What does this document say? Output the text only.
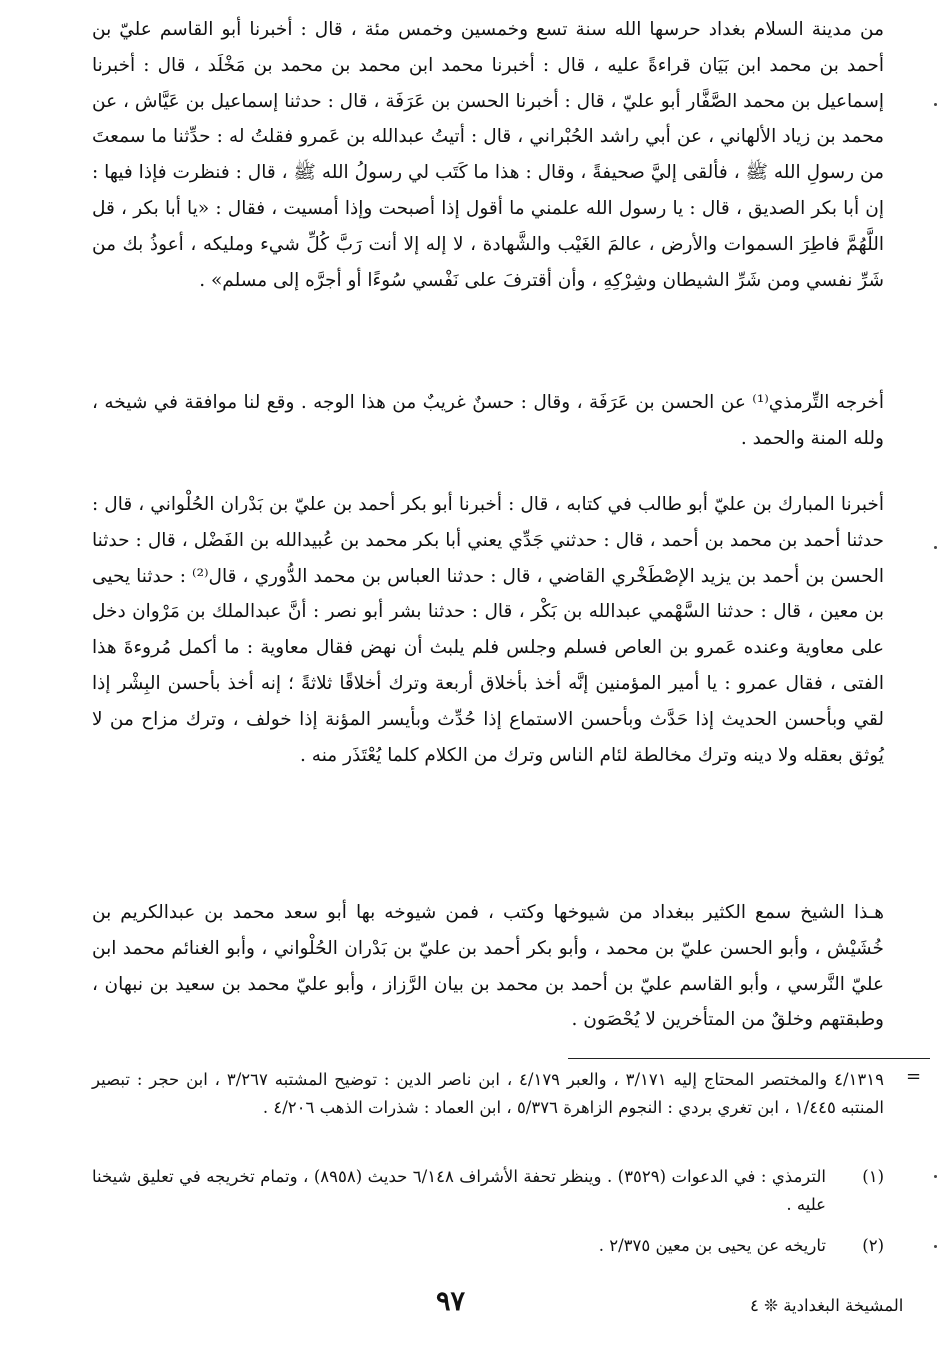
من مدينة السلام بغداد حرسها الله سنة تسع وخمسين وخمس مئة ، قال : أخبرنا أبو القاسم عليّ بن أحمد بن محمد ابن بَيَان قراءةً عليه ، قال : أخبرنا محمد ابن محمد بن محمد بن مَخْلَد ، قال : أخبرنا إسماعيل بن محمد الصَّفَّار أبو عليّ ، قال : أخبرنا الحسن بن عَرَفَة ، قال : حدثنا إسماعيل بن عَيَّاش ، عن محمد بن زياد الألهاني ، عن أبي راشد الحُبْراني ، قال : أتيتُ عبدالله بن عَمرو فقلتُ له : حدِّثنا ما سمعتَ من رسولِ الله ﷺ ، فألقى إليَّ صحيفةً ، وقال : هذا ما كَتَب لي رسولُ الله ﷺ ، قال : فنظرت فإذا فيها : إن أبا بكر الصديق ، قال : يا رسول الله علمني ما أقول إذا أصبحت وإذا أمسيت ، فقال : «يا أبا بكر ، قل اللَّهُمَّ فاطِرَ السموات والأرض ، عالمَ الغَيْب والشَّهادة ، لا إله إلا أنت رَبَّ كُلِّ شيء ومليكه ، أعوذُ بك من شَرِّ نفسي ومن شَرِّ الشيطان وشِرْكِهِ ، وأن أقترفَ على نَفْسي سُوءًا أو أجرَّه إلى مسلم» .

أخرجه التِّرمذي⁽¹⁾ عن الحسن بن عَرَفَة ، وقال : حسنٌ غريبٌ من هذا الوجه . وقع لنا موافقة في شيخه ، ولله المنة والحمد .

أخبرنا المبارك بن عليّ أبو طالب في كتابه ، قال : أخبرنا أبو بكر أحمد بن عليّ بن بَدْران الحُلْواني ، قال : حدثنا أحمد بن محمد بن أحمد ، قال : حدثني جَدِّي يعني أبا بكر محمد بن عُبيدالله بن الفَضْل ، قال : حدثنا الحسن بن أحمد بن يزيد الإصْطَخْري القاضي ، قال : حدثنا العباس بن محمد الدُّوري ، قال⁽²⁾ : حدثنا يحيى بن معين ، قال : حدثنا السَّهْمي عبدالله بن بَكْر ، قال : حدثنا بشر أبو نصر : أنَّ عبدالملك بن مَرْوان دخل على معاوية وعنده عَمرو بن العاص فسلم وجلس فلم يلبث أن نهض فقال معاوية : ما أكمل مُروءةَ هذا الفتى ، فقال عمرو : يا أمير المؤمنين إنَّه أخذ بأخلاق أربعة وترك أخلاقًا ثلاثةً ؛ إنه أخذ بأحسن البِشْر إذا لقي وبأحسن الحديث إذا حَدَّث وبأحسن الاستماع إذا حُدِّث وبأيسر المؤنة إذا خولف ، وترك مزاح من لا يُوثق بعقله ولا دينه وترك مخالطة لئام الناس وترك من الكلام كلما يُعْتَذَر منه .

هـذا الشيخ سمع الكثير ببغداد من شيوخها وكتب ، فمن شيوخه بها أبو سعد محمد بن عبدالكريم بن خُشَيْش ، وأبو الحسن عليّ بن محمد ، وأبو بكر أحمد بن عليّ بن بَدْران الحُلْواني ، وأبو الغنائم محمد ابن عليّ النَّرسي ، وأبو القاسم عليّ بن أحمد بن محمد بن بيان الرَّزاز ، وأبو عليّ محمد بن سعيد بن نبهان ، وطبقتهم وخلقٌ من المتأخرين لا يُحْصَون .

=
٤/١٣١٩ والمختصر المحتاج إليه ٣/١٧١ ، والعبر ٤/١٧٩ ، ابن ناصر الدين : توضيح المشتبه ٣/٢٦٧ ، ابن حجر : تبصير المنتبه ١/٤٤٥ ، ابن تغري بردي : النجوم الزاهرة ٥/٣٧٦ ، ابن العماد : شذرات الذهب ٤/٢٠٦ .
(١)
الترمذي : في الدعوات (٣٥٢٩) . وينظر تحفة الأشراف ٦/١٤٨ حديث (٨٩٥٨) ، وتمام تخريجه في تعليق شيخنا عليه .
(٢)
تاريخه عن يحيى بن معين ٢/٣٧٥ .
٩٧	المشيخة البغدادية ❊ ٤
